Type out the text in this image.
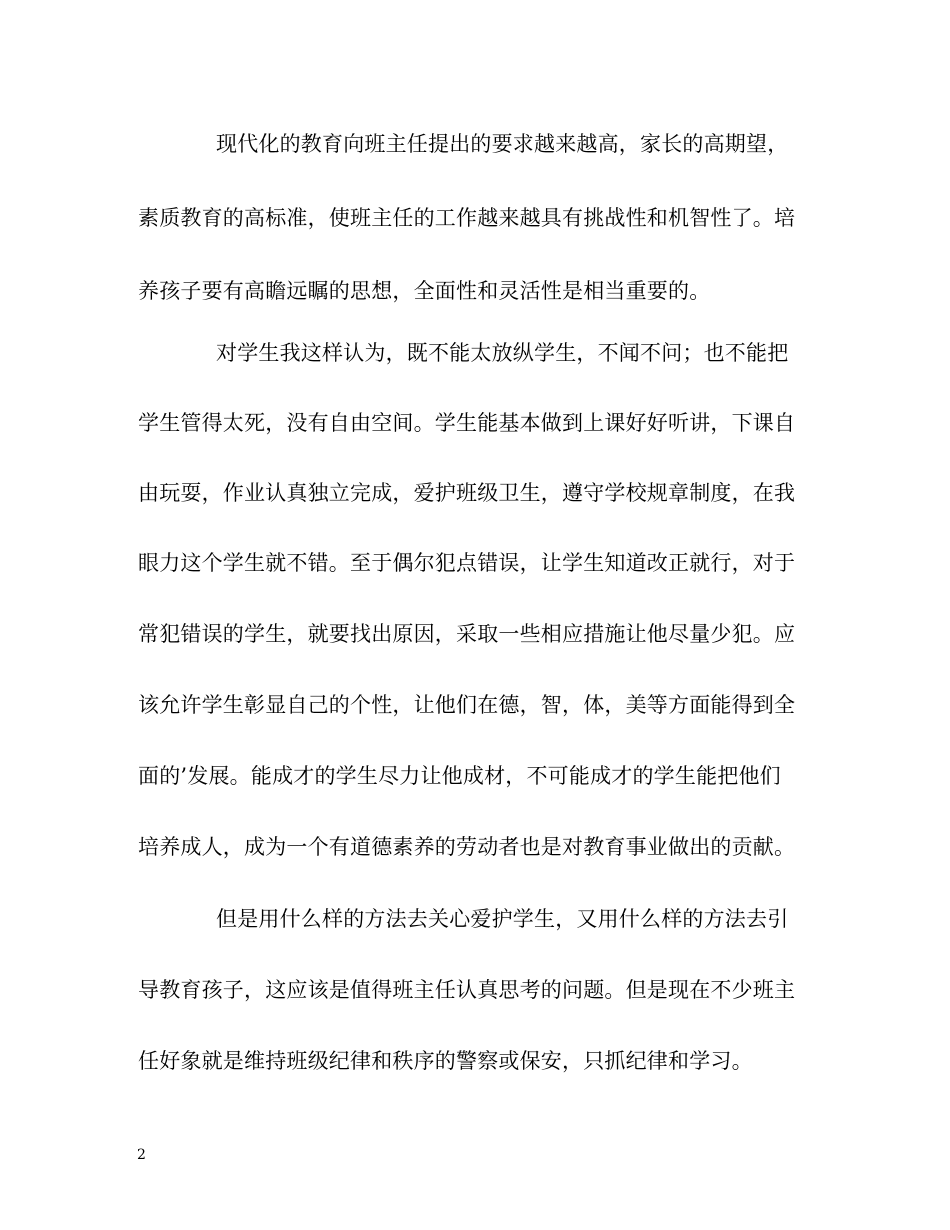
现代化的教育向班主任提出的要求越来越高，家长的高期望，
素质教育的高标准，使班主任的工作越来越具有挑战性和机智性了。培
养孩子要有高瞻远瞩的思想，全面性和灵活性是相当重要的。
对学生我这样认为，既不能太放纵学生，不闻不问；也不能把
学生管得太死，没有自由空间。学生能基本做到上课好好听讲，下课自
由玩耍，作业认真独立完成，爱护班级卫生，遵守学校规章制度，在我
眼力这个学生就不错。至于偶尔犯点错误，让学生知道改正就行，对于
常犯错误的学生，就要找出原因，采取一些相应措施让他尽量少犯。应
该允许学生彰显自己的个性，让他们在德，智，体，美等方面能得到全
面的’发展。能成才的学生尽力让他成材，不可能成才的学生能把他们
培养成人，成为一个有道德素养的劳动者也是对教育事业做出的贡献。
但是用什么样的方法去关心爱护学生，又用什么样的方法去引
导教育孩子，这应该是值得班主任认真思考的问题。但是现在不少班主
任好象就是维持班级纪律和秩序的警察或保安，只抓纪律和学习。
2
